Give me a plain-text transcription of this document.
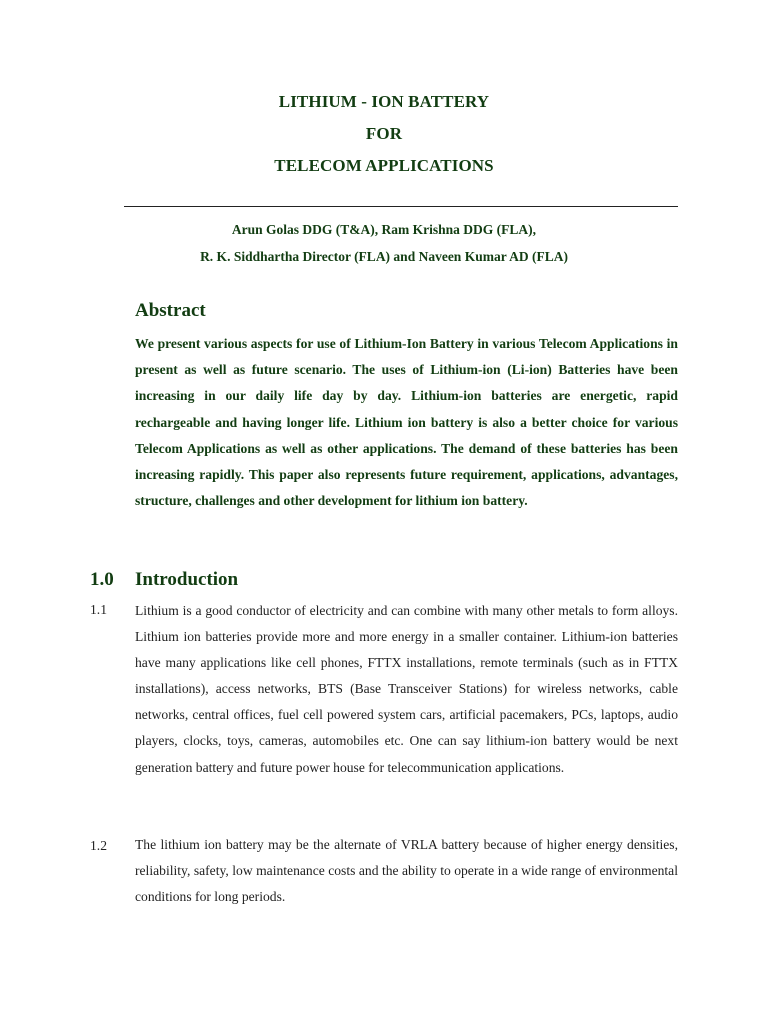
LITHIUM - ION BATTERY
FOR
TELECOM APPLICATIONS
Arun Golas DDG (T&A), Ram Krishna DDG (FLA),
R. K. Siddhartha Director (FLA) and Naveen Kumar AD (FLA)
Abstract
We present various aspects for use of Lithium-Ion Battery in various Telecom Applications in present as well as future scenario. The uses of Lithium-ion (Li-ion) Batteries have been increasing in our daily life day by day. Lithium-ion batteries are energetic, rapid rechargeable and having longer life. Lithium ion battery is also a better choice for various Telecom Applications as well as other applications. The demand of these batteries has been increasing rapidly. This paper also represents future requirement, applications, advantages, structure, challenges and other development for lithium ion battery.
1.0 Introduction
1.1 Lithium is a good conductor of electricity and can combine with many other metals to form alloys. Lithium ion batteries provide more and more energy in a smaller container. Lithium-ion batteries have many applications like cell phones, FTTX installations, remote terminals (such as in FTTX installations), access networks, BTS (Base Transceiver Stations) for wireless networks, cable networks, central offices, fuel cell powered system cars, artificial pacemakers, PCs, laptops, audio players, clocks, toys, cameras, automobiles etc. One can say lithium-ion battery would be next generation battery and future power house for telecommunication applications.
1.2 The lithium ion battery may be the alternate of VRLA battery because of higher energy densities, reliability, safety, low maintenance costs and the ability to operate in a wide range of environmental conditions for long periods.
